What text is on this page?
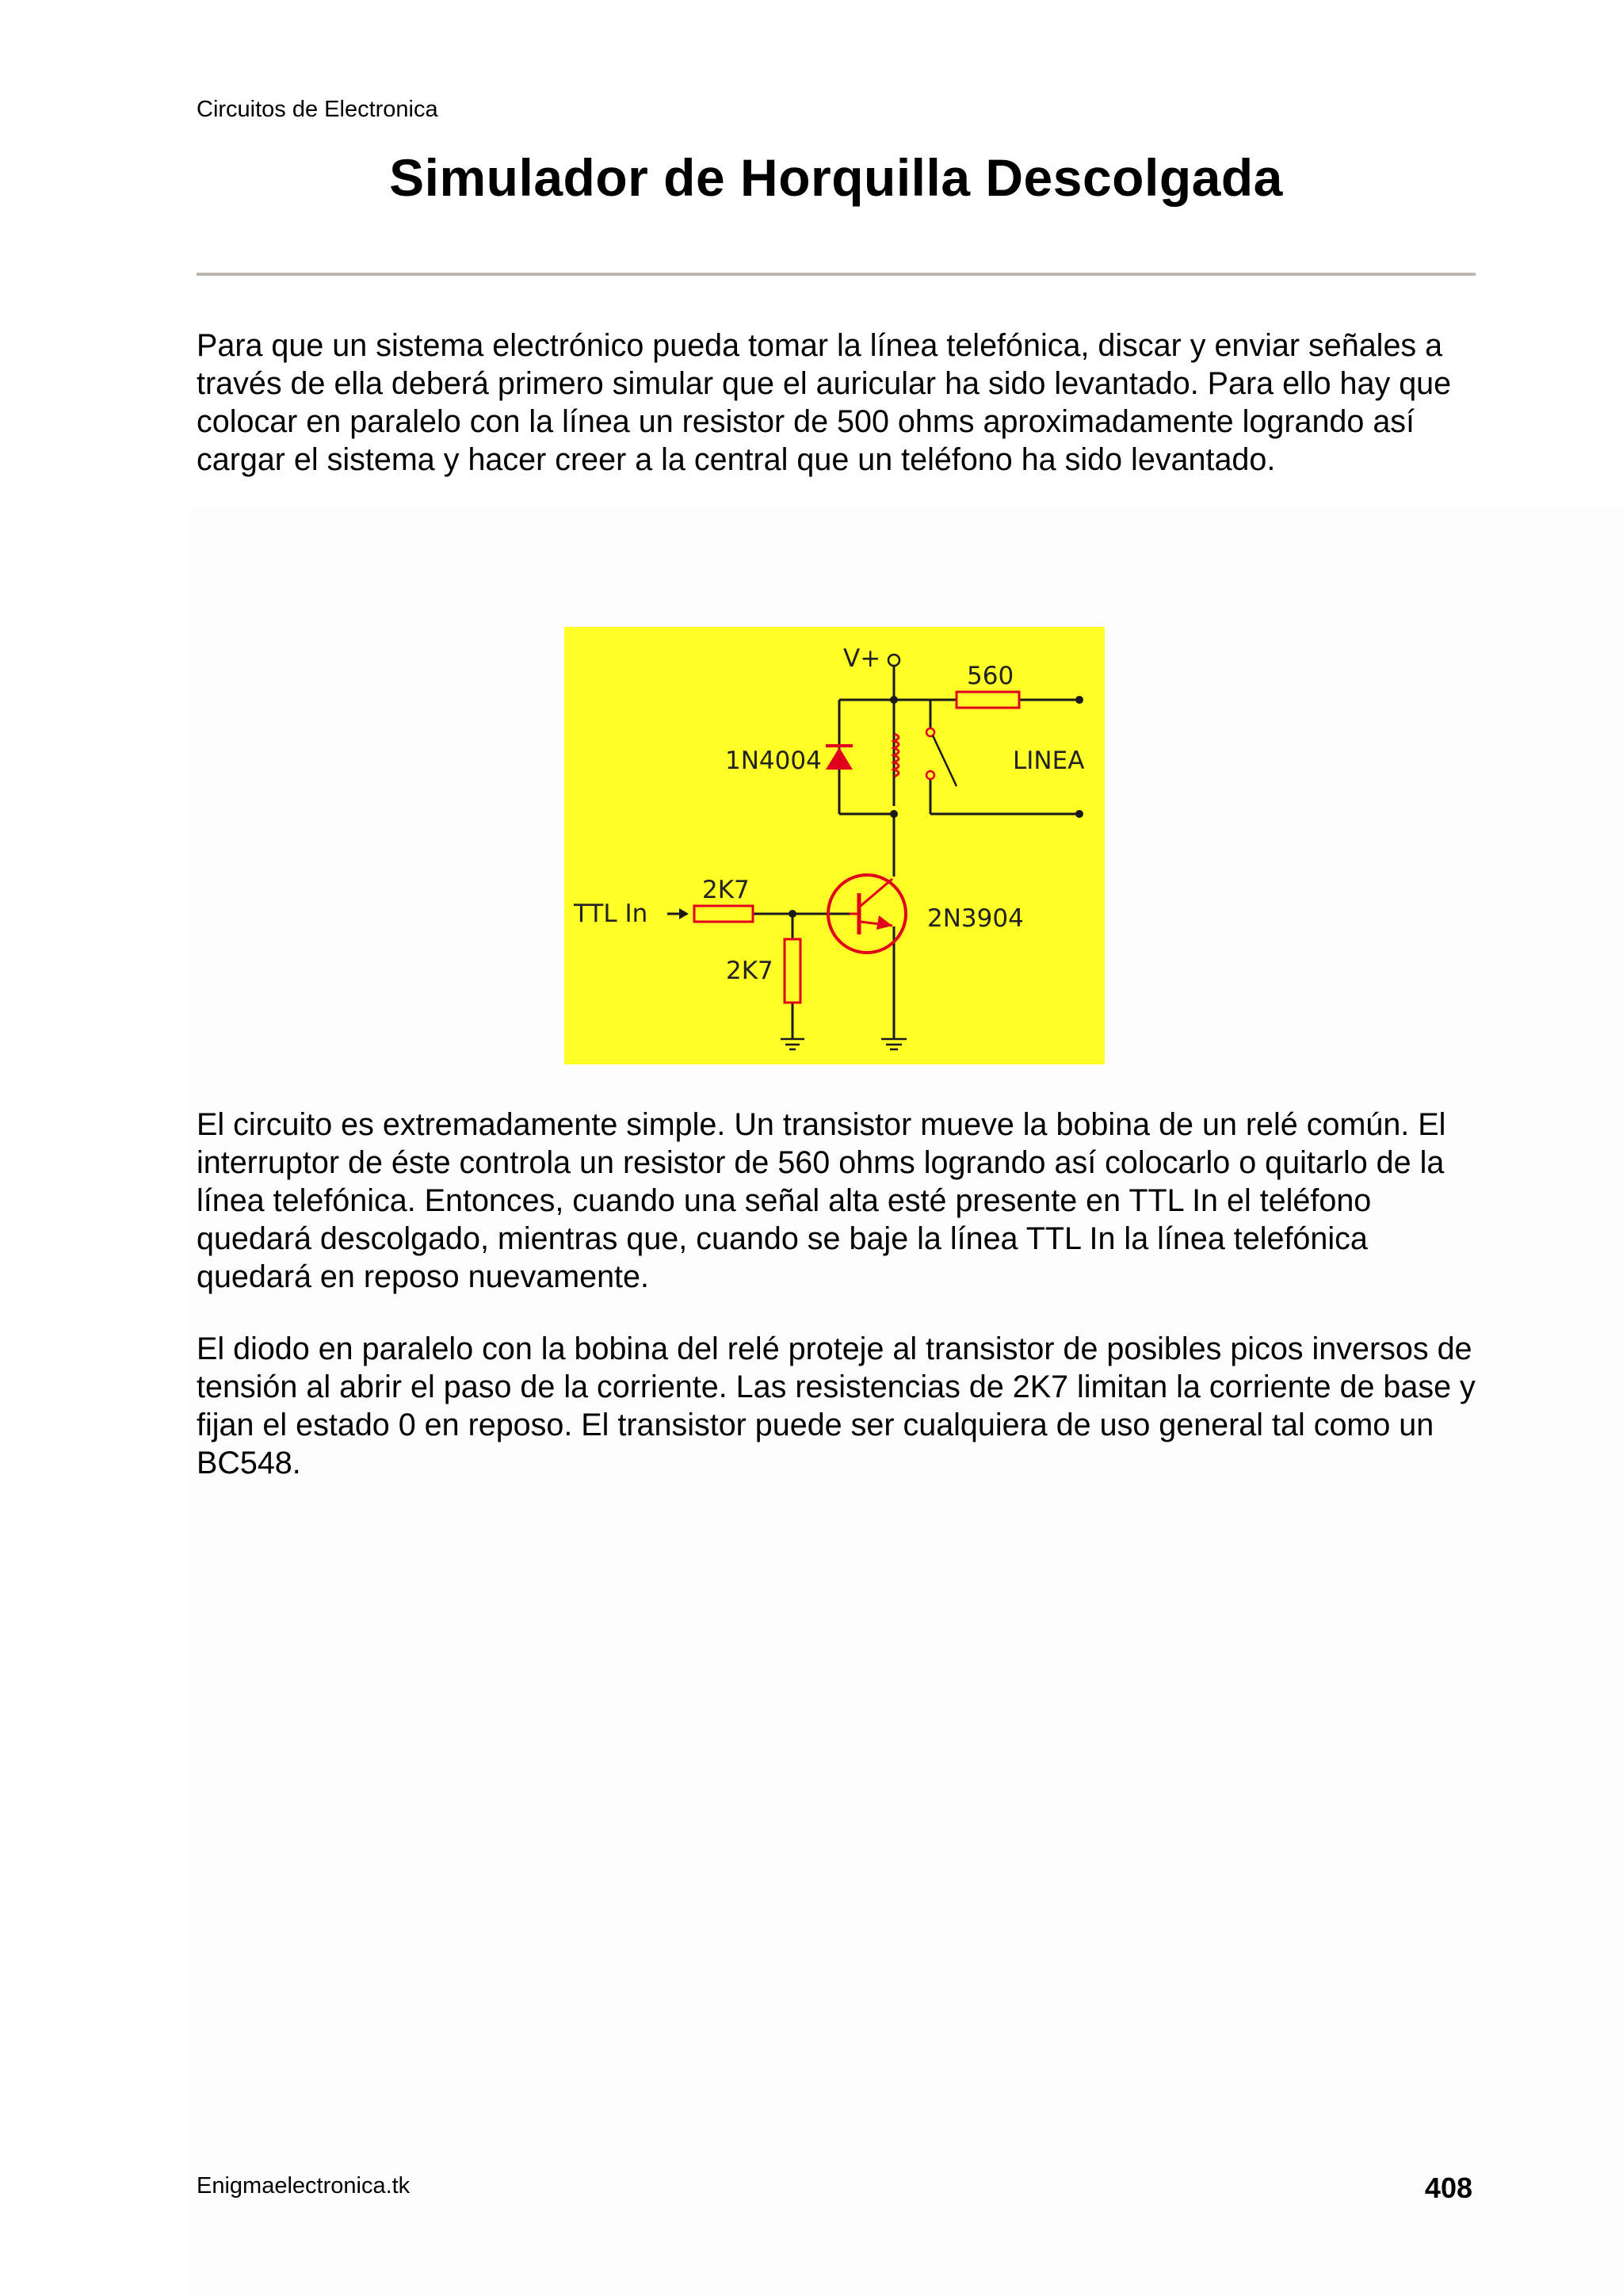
Circuitos de Electronica
Simulador de Horquilla Descolgada

Para que un sistema electrónico pueda tomar la línea telefónica, discar y enviar señales a través de ella deberá primero simular que el auricular ha sido levantado. Para ello hay que colocar en paralelo con la línea un resistor de 500 ohms aproximadamente logrando así cargar el sistema y hacer creer a la central que un teléfono ha sido levantado.

V+
560
1N4004	LINEA
2K7
TTL In	2N3904
2K7

El circuito es extremadamente simple. Un transistor mueve la bobina de un relé común. El interruptor de éste controla un resistor de 560 ohms logrando así colocarlo o quitarlo de la línea telefónica. Entonces, cuando una señal alta esté presente en TTL In el teléfono quedará descolgado, mientras que, cuando se baje la línea TTL In la línea telefónica quedará en reposo nuevamente.

El diodo en paralelo con la bobina del relé proteje al transistor de posibles picos inversos de tensión al abrir el paso de la corriente. Las resistencias de 2K7 limitan la corriente de base y fijan el estado 0 en reposo. El transistor puede ser cualquiera de uso general tal como un BC548.

Enigmaelectronica.tk	408
